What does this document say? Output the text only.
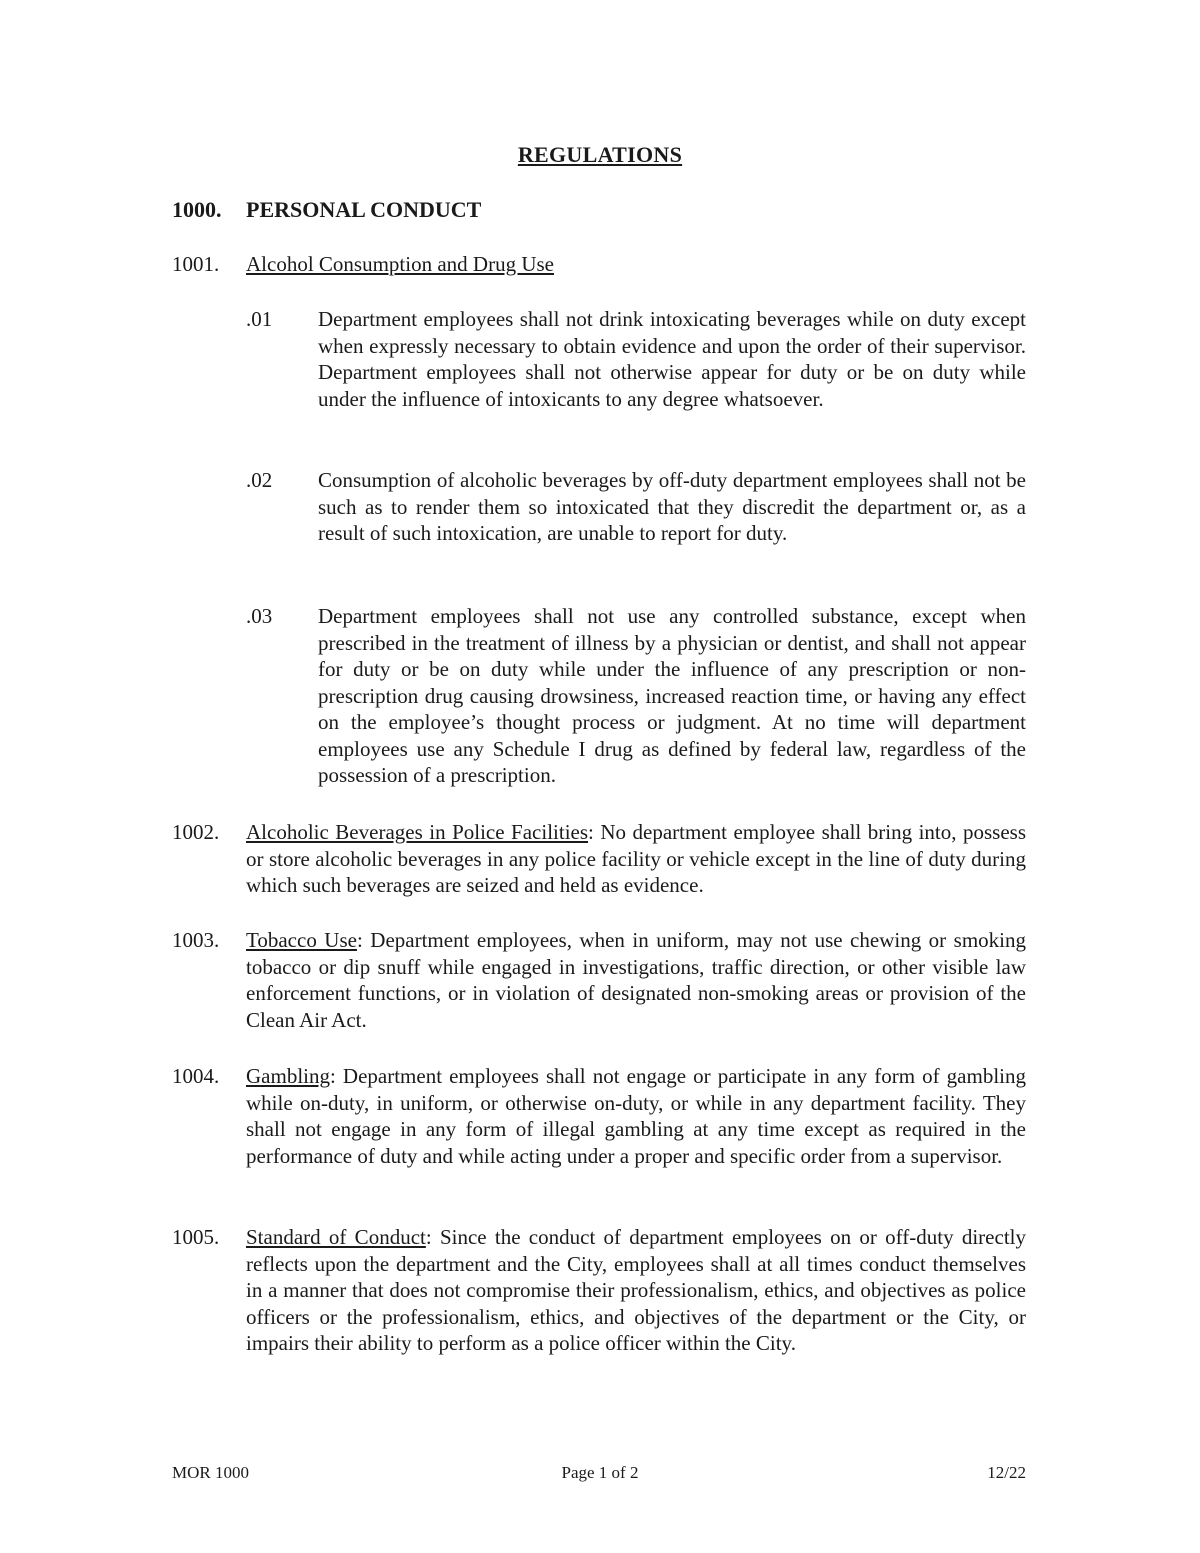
REGULATIONS
1000. PERSONAL CONDUCT
1001. Alcohol Consumption and Drug Use
.01 Department employees shall not drink intoxicating beverages while on duty except when expressly necessary to obtain evidence and upon the order of their supervisor. Department employees shall not otherwise appear for duty or be on duty while under the influence of intoxicants to any degree whatsoever.
.02 Consumption of alcoholic beverages by off-duty department employees shall not be such as to render them so intoxicated that they discredit the department or, as a result of such intoxication, are unable to report for duty.
.03 Department employees shall not use any controlled substance, except when prescribed in the treatment of illness by a physician or dentist, and shall not appear for duty or be on duty while under the influence of any prescription or non-prescription drug causing drowsiness, increased reaction time, or having any effect on the employee’s thought process or judgment. At no time will department employees use any Schedule I drug as defined by federal law, regardless of the possession of a prescription.
1002. Alcoholic Beverages in Police Facilities: No department employee shall bring into, possess or store alcoholic beverages in any police facility or vehicle except in the line of duty during which such beverages are seized and held as evidence.
1003. Tobacco Use: Department employees, when in uniform, may not use chewing or smoking tobacco or dip snuff while engaged in investigations, traffic direction, or other visible law enforcement functions, or in violation of designated non-smoking areas or provision of the Clean Air Act.
1004. Gambling: Department employees shall not engage or participate in any form of gambling while on-duty, in uniform, or otherwise on-duty, or while in any department facility. They shall not engage in any form of illegal gambling at any time except as required in the performance of duty and while acting under a proper and specific order from a supervisor.
1005. Standard of Conduct: Since the conduct of department employees on or off-duty directly reflects upon the department and the City, employees shall at all times conduct themselves in a manner that does not compromise their professionalism, ethics, and objectives as police officers or the professionalism, ethics, and objectives of the department or the City, or impairs their ability to perform as a police officer within the City.
MOR 1000	Page 1 of 2	12/22
